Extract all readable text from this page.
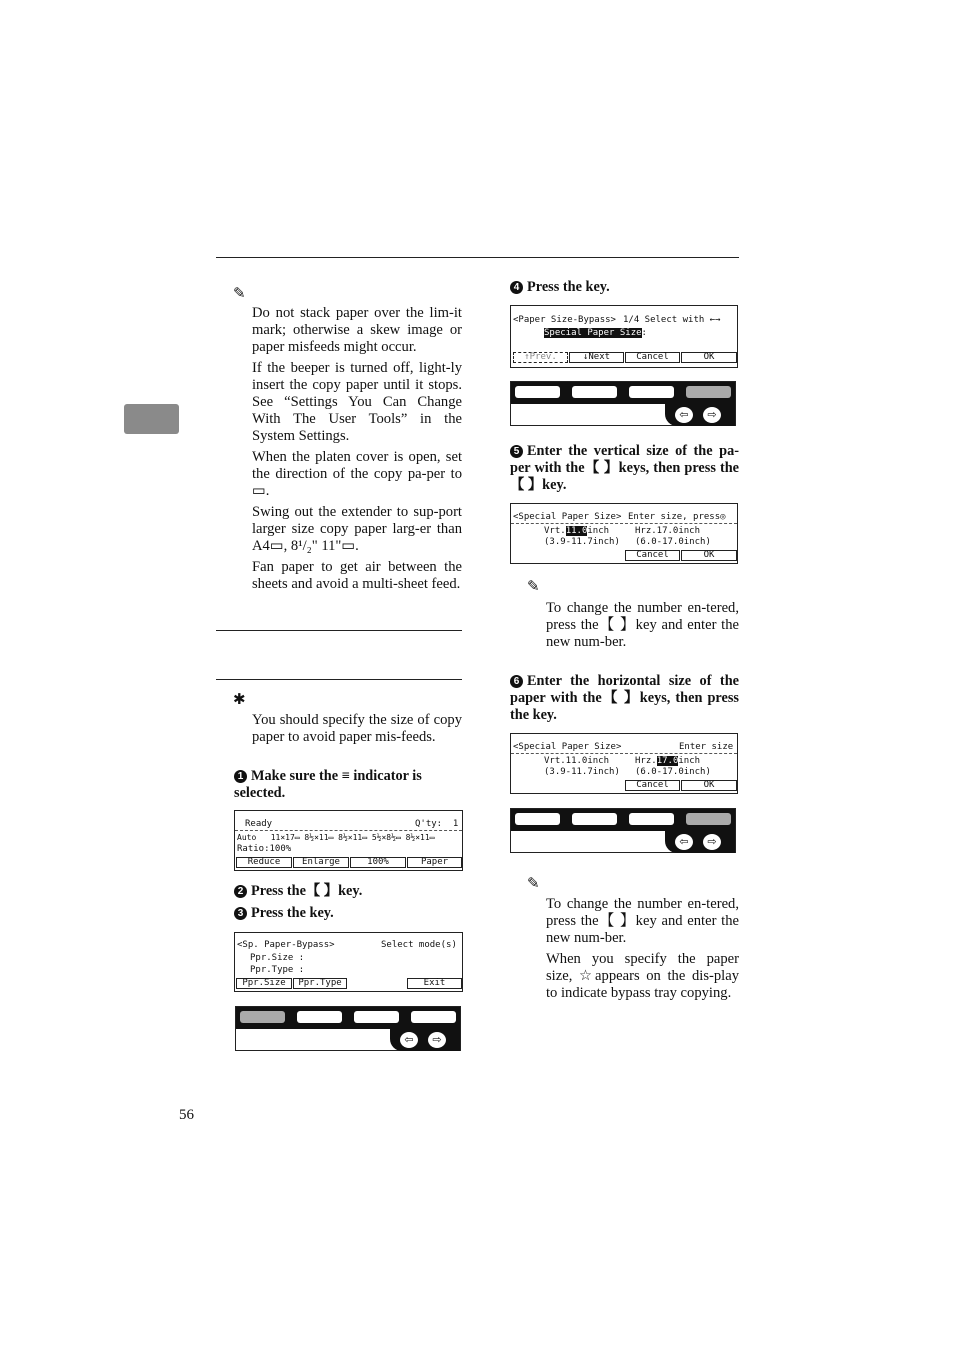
✎

Do not stack paper over the lim-it mark; otherwise a skew image or paper misfeeds might occur.

If the beeper is turned off, light-ly insert the copy paper until it stops. See “Settings You Can Change With The User Tools” in the System Settings.

When the platen cover is open, set the direction of the copy pa-per to ▭.

Swing out the extender to sup-port larger size copy paper larg-er than A4▭, 8¹/₂" 11"▭.

Fan paper to get air between the sheets and avoid a multi-sheet feed.

✱
You should specify the size of copy paper to avoid paper mis-feeds.
1 Make sure the ≡ indicator is selected.
Ready	Q'ty:  1
Auto   11×17▭ 8½×11▭ 8½×11▭ 5½×8½▭ 8½×11▭
Ratio:100%
Reduce	Enlarge	100%	Paper
2 Press the【 】key.
3 Press the key.
<Sp. Paper-Bypass>	Select mode(s)
Ppr.Size :
Ppr.Type :
Ppr.Size	Ppr.Type	Exit
⇦	⇨
56
4 Press the key.
<Paper Size-Bypass> 1/4 Select with ←→
Special Paper Size:
↑Prev.	↓Next	Cancel	OK
⇦	⇨
5 Enter the vertical size of the pa-per with the【 】keys, then press the【 】key.
<Special Paper Size> Enter size, press◎
Vrt.11.0inch	Hrz.17.0inch
(3.9-11.7inch) (6.0-17.0inch)
Cancel	OK
✎
To change the number en-tered, press the【 】key and enter the new num-ber.
6 Enter the horizontal size of the paper with the【 】keys, then press the key.
<Special Paper Size>	Enter size
Vrt.11.0inch	Hrz.17.0inch
(3.9-11.7inch) (6.0-17.0inch)
Cancel	OK
⇦	⇨
✎

To change the number en-tered, press the【 】key and enter the new num-ber.

When you specify the paper size, ☆appears on the dis-play to indicate bypass tray copying.
